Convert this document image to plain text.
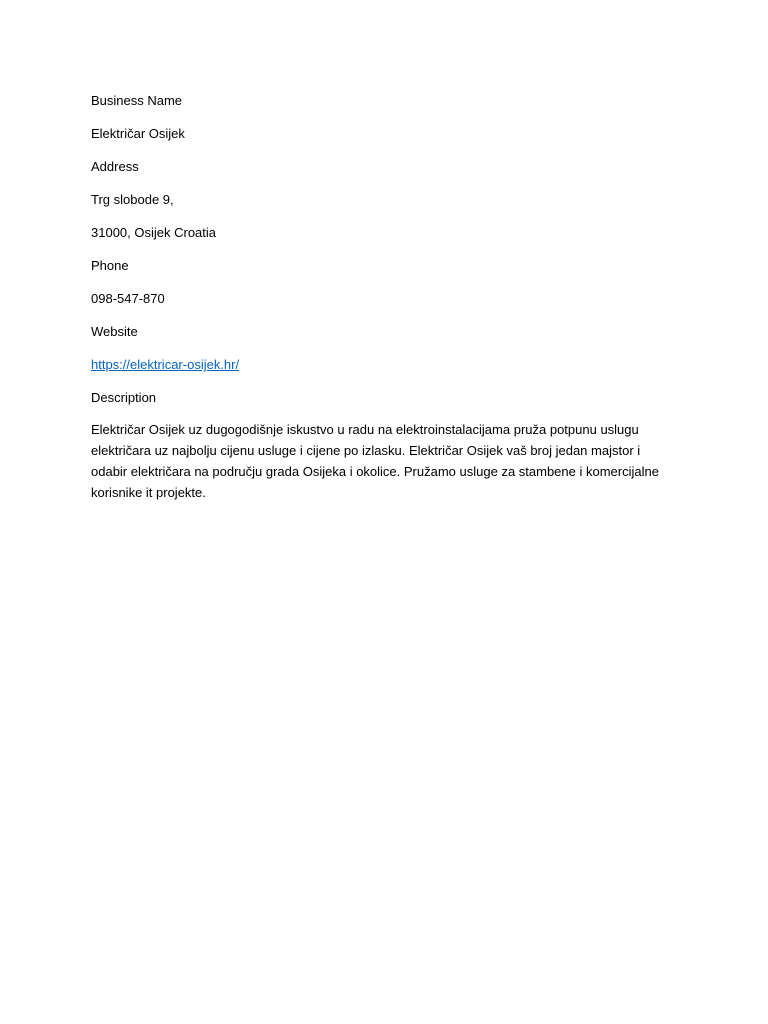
Business Name
Električar Osijek
Address
Trg slobode 9,
31000, Osijek Croatia
Phone
098-547-870
Website
https://elektricar-osijek.hr/
Description

Električar Osijek uz dugogodišnje iskustvo u radu na elektroinstalacijama pruža potpunu uslugu električara uz najbolju cijenu usluge i cijene po izlasku. Električar Osijek vaš broj jedan majstor i odabir električara na području grada Osijeka i okolice. Pružamo usluge za stambene i komercijalne korisnike it projekte.
